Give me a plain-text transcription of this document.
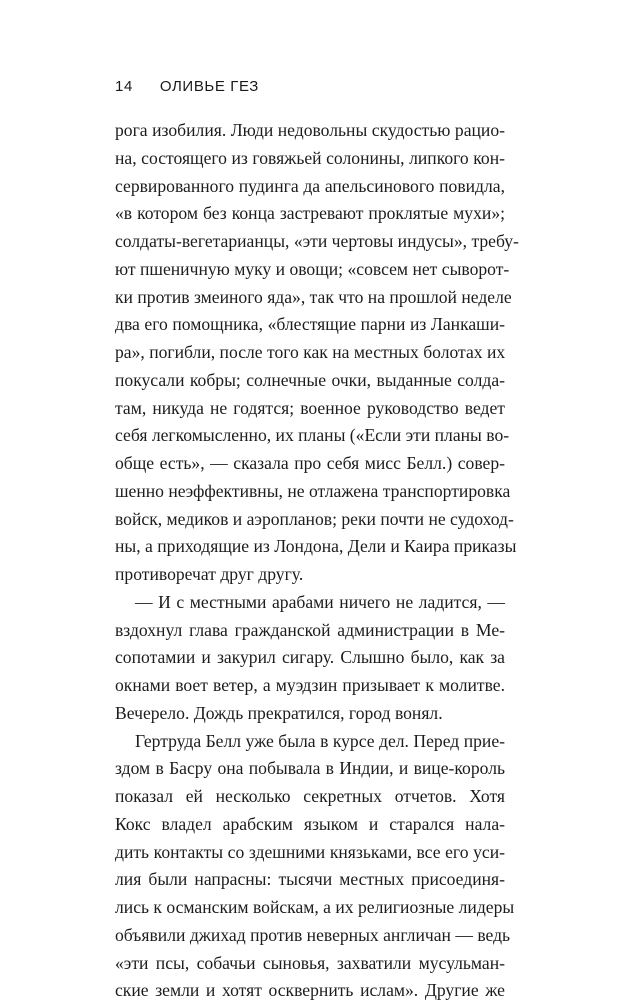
14 ОЛИВЬЕ ГЕЗ
рога изобилия. Люди недовольны скудостью рацио-
на, состоящего из говяжьей солонины, липкого кон-
сервированного пудинга да апельсинового повидла,
«в котором без конца застревают проклятые мухи»;
солдаты-вегетарианцы, «эти чертовы индусы», требу-
ют пшеничную муку и овощи; «совсем нет сыворот-
ки против змеиного яда», так что на прошлой неделе
два его помощника, «блестящие парни из Ланкаши-
ра», погибли, после того как на местных болотах их
покусали кобры; солнечные очки, выданные солда-
там, никуда не годятся; военное руководство ведет
себя легкомысленно, их планы («Если эти планы во-
обще есть», — сказала про себя мисс Белл.) совер-
шенно неэффективны, не отлажена транспортировка
войск, медиков и аэропланов; реки почти не судоход-
ны, а приходящие из Лондона, Дели и Каира приказы
противоречат друг другу.
— И с местными арабами ничего не ладится, —
вздохнул глава гражданской администрации в Ме-
сопотамии и закурил сигару. Слышно было, как за
окнами воет ветер, а муэдзин призывает к молитве.
Вечерело. Дождь прекратился, город вонял.
Гертруда Белл уже была в курсе дел. Перед прие-
здом в Басру она побывала в Индии, и вице-король
показал ей несколько секретных отчетов. Хотя
Кокс владел арабским языком и старался нала-
дить контакты со здешними князьками, все его уси-
лия были напрасны: тысячи местных присоединя-
лись к османским войскам, а их религиозные лидеры
объявили джихад против неверных англичан — ведь
«эти псы, собачьи сыновья, захватили мусульман-
ские земли и хотят осквернить ислам». Другие же
